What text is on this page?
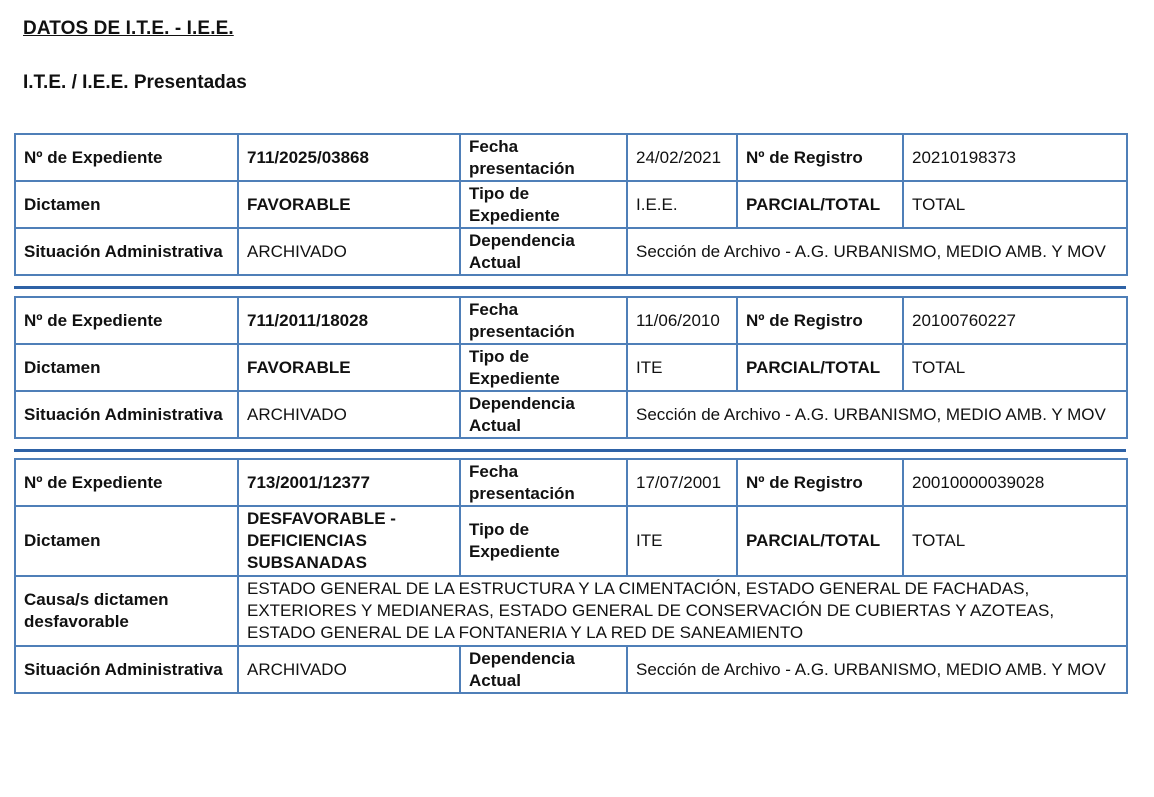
DATOS DE I.T.E. - I.E.E.
I.T.E. / I.E.E. Presentadas
Nº de Expediente	711/2025/03868	Fecha presentación	24/02/2021	Nº de Registro	20210198373
Dictamen	FAVORABLE	Tipo de Expediente	I.E.E.	PARCIAL/TOTAL	TOTAL
Situación Administrativa	ARCHIVADO	Dependencia Actual	Sección de Archivo - A.G. URBANISMO, MEDIO AMB. Y MOV		
Nº de Expediente	711/2011/18028	Fecha presentación	11/06/2010	Nº de Registro	20100760227
Dictamen	FAVORABLE	Tipo de Expediente	ITE	PARCIAL/TOTAL	TOTAL
Situación Administrativa	ARCHIVADO	Dependencia Actual	Sección de Archivo - A.G. URBANISMO, MEDIO AMB. Y MOV		
Nº de Expediente	713/2001/12377	Fecha presentación	17/07/2001	Nº de Registro	20010000039028
Dictamen	DESFAVORABLE - DEFICIENCIAS SUBSANADAS	Tipo de Expediente	ITE	PARCIAL/TOTAL	TOTAL
Causa/s dictamen desfavorable	ESTADO GENERAL DE LA ESTRUCTURA Y LA CIMENTACIÓN, ESTADO GENERAL DE FACHADAS, EXTERIORES Y MEDIANERAS, ESTADO GENERAL DE CONSERVACIÓN DE CUBIERTAS Y AZOTEAS, ESTADO GENERAL DE LA FONTANERIA Y LA RED DE SANEAMIENTO				
Situación Administrativa	ARCHIVADO	Dependencia Actual	Sección de Archivo - A.G. URBANISMO, MEDIO AMB. Y MOV		
